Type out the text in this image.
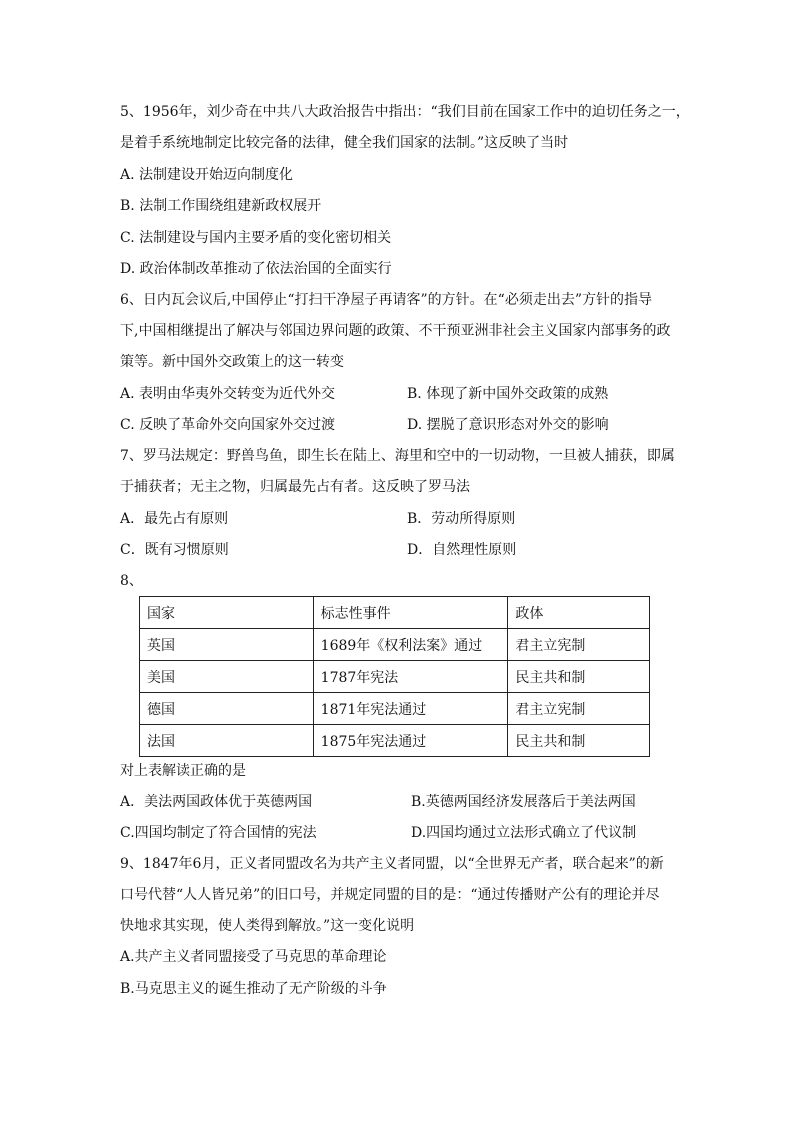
5、1956年，刘少奇在中共八大政治报告中指出：“我们目前在国家工作中的迫切任务之一，
是着手系统地制定比较完备的法律，健全我们国家的法制。”这反映了当时
A. 法制建设开始迈向制度化
B. 法制工作围绕组建新政权展开
C. 法制建设与国内主要矛盾的变化密切相关
D. 政治体制改革推动了依法治国的全面实行
6、日内瓦会议后,中国停止“打扫干净屋子再请客”的方针。在“必须走出去”方针的指导
下,中国相继提出了解决与邻国边界问题的政策、不干预亚洲非社会主义国家内部事务的政
策等。新中国外交政策上的这一转变
A. 表明由华夷外交转变为近代外交	B. 体现了新中国外交政策的成熟
C. 反映了革命外交向国家外交过渡	D. 摆脱了意识形态对外交的影响
7、罗马法规定：野兽鸟鱼，即生长在陆上、海里和空中的一切动物，一旦被人捕获，即属
于捕获者；无主之物，归属最先占有者。这反映了罗马法
A．最先占有原则	B．劳动所得原则
C．既有习惯原则	D．自然理性原则
8、
国家	标志性事件	政体
英国	1689年《权利法案》通过	君主立宪制
美国	1787年宪法	民主共和制
德国	1871年宪法通过	君主立宪制
法国	1875年宪法通过	民主共和制
对上表解读正确的是
A．美法两国政体优于英德两国	B.英德两国经济发展落后于美法两国
C.四国均制定了符合国情的宪法	D.四国均通过立法形式确立了代议制
9、1847年6月，正义者同盟改名为共产主义者同盟，以“全世界无产者，联合起来”的新
口号代替“人人皆兄弟”的旧口号，并规定同盟的目的是：“通过传播财产公有的理论并尽
快地求其实现，使人类得到解放。”这一变化说明
A.共产主义者同盟接受了马克思的革命理论
B.马克思主义的诞生推动了无产阶级的斗争
